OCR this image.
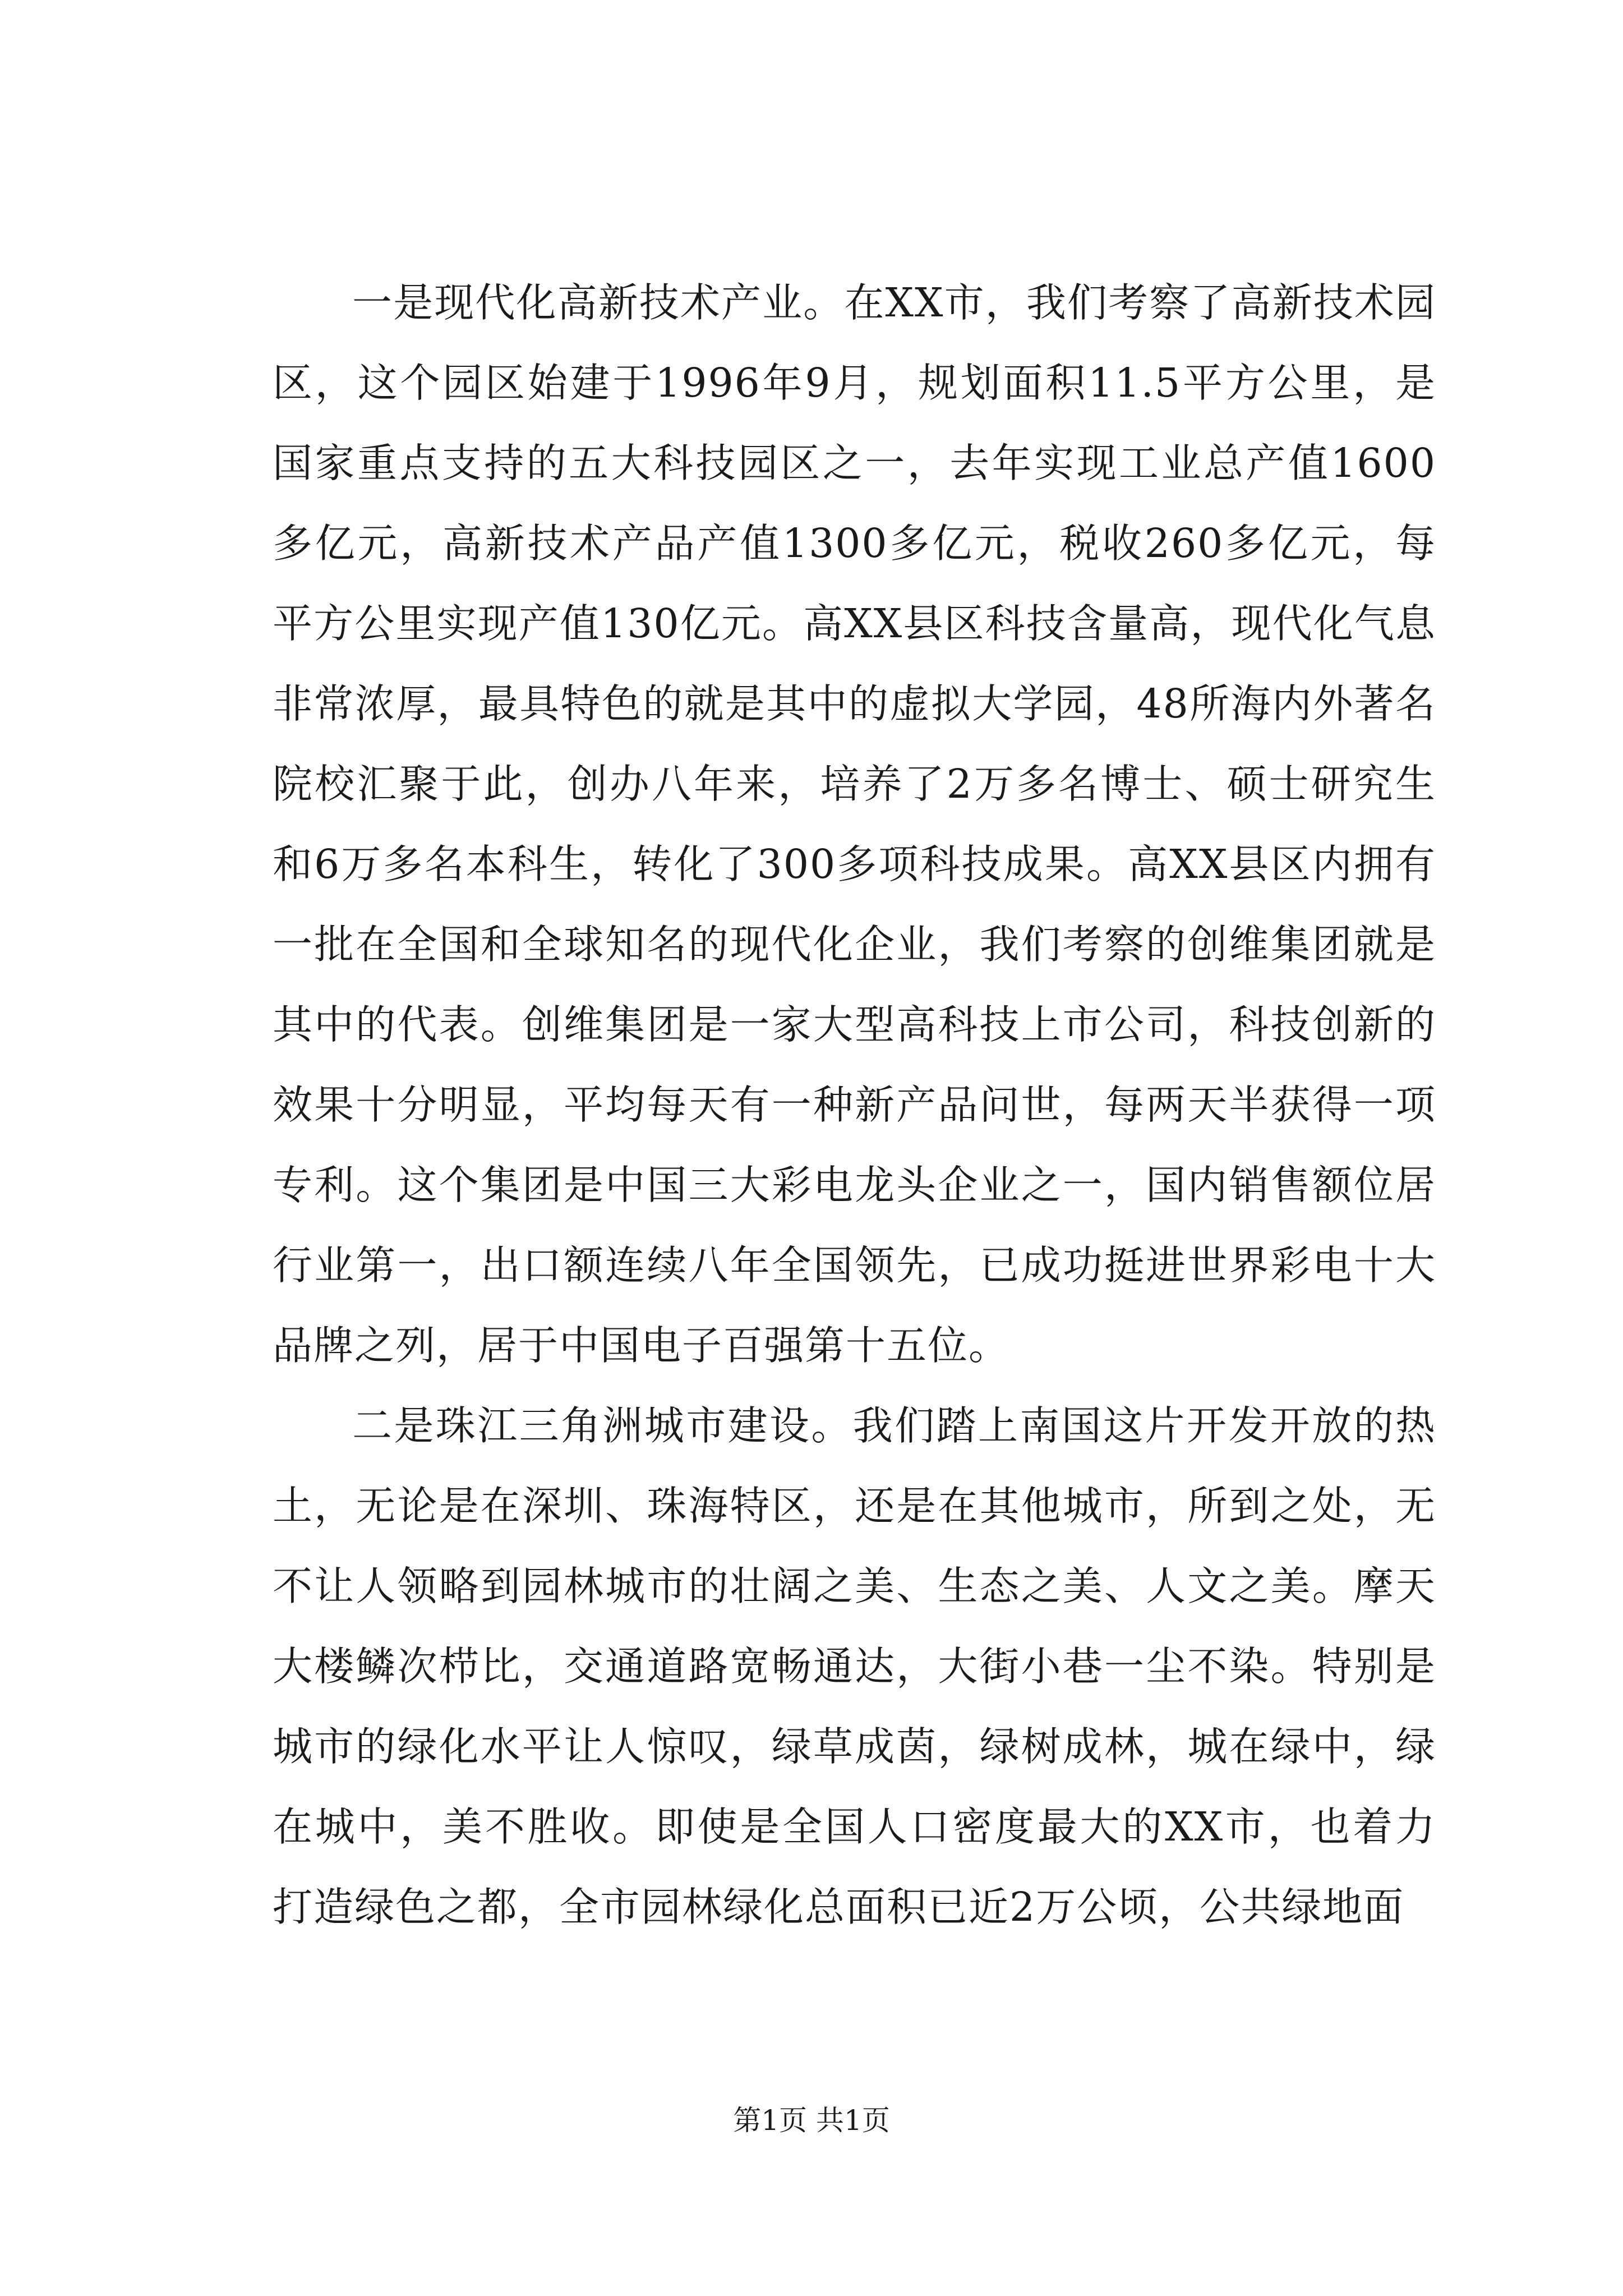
一是现代化高新技术产业。在XX市，我们考察了高新技术园区，这个园区始建于1996年9月，规划面积11.5平方公里，是国家重点支持的五大科技园区之一，去年实现工业总产值1600多亿元，高新技术产品产值1300多亿元，税收260多亿元，每平方公里实现产值130亿元。高XX县区科技含量高，现代化气息非常浓厚，最具特色的就是其中的虚拟大学园，48所海内外著名院校汇聚于此，创办八年来，培养了2万多名博士、硕士研究生和6万多名本科生，转化了300多项科技成果。高XX县区内拥有一批在全国和全球知名的现代化企业，我们考察的创维集团就是其中的代表。创维集团是一家大型高科技上市公司，科技创新的效果十分明显，平均每天有一种新产品问世，每两天半获得一项专利。这个集团是中国三大彩电龙头企业之一，国内销售额位居行业第一，出口额连续八年全国领先，已成功挺进世界彩电十大品牌之列，居于中国电子百强第十五位。

二是珠江三角洲城市建设。我们踏上南国这片开发开放的热土，无论是在深圳、珠海特区，还是在其他城市，所到之处，无不让人领略到园林城市的壮阔之美、生态之美、人文之美。摩天大楼鳞次栉比，交通道路宽畅通达，大街小巷一尘不染。特别是城市的绿化水平让人惊叹，绿草成茵，绿树成林，城在绿中，绿在城中，美不胜收。即使是全国人口密度最大的XX市，也着力打造绿色之都，全市园林绿化总面积已近2万公顷，公共绿地面

第1页 共1页
